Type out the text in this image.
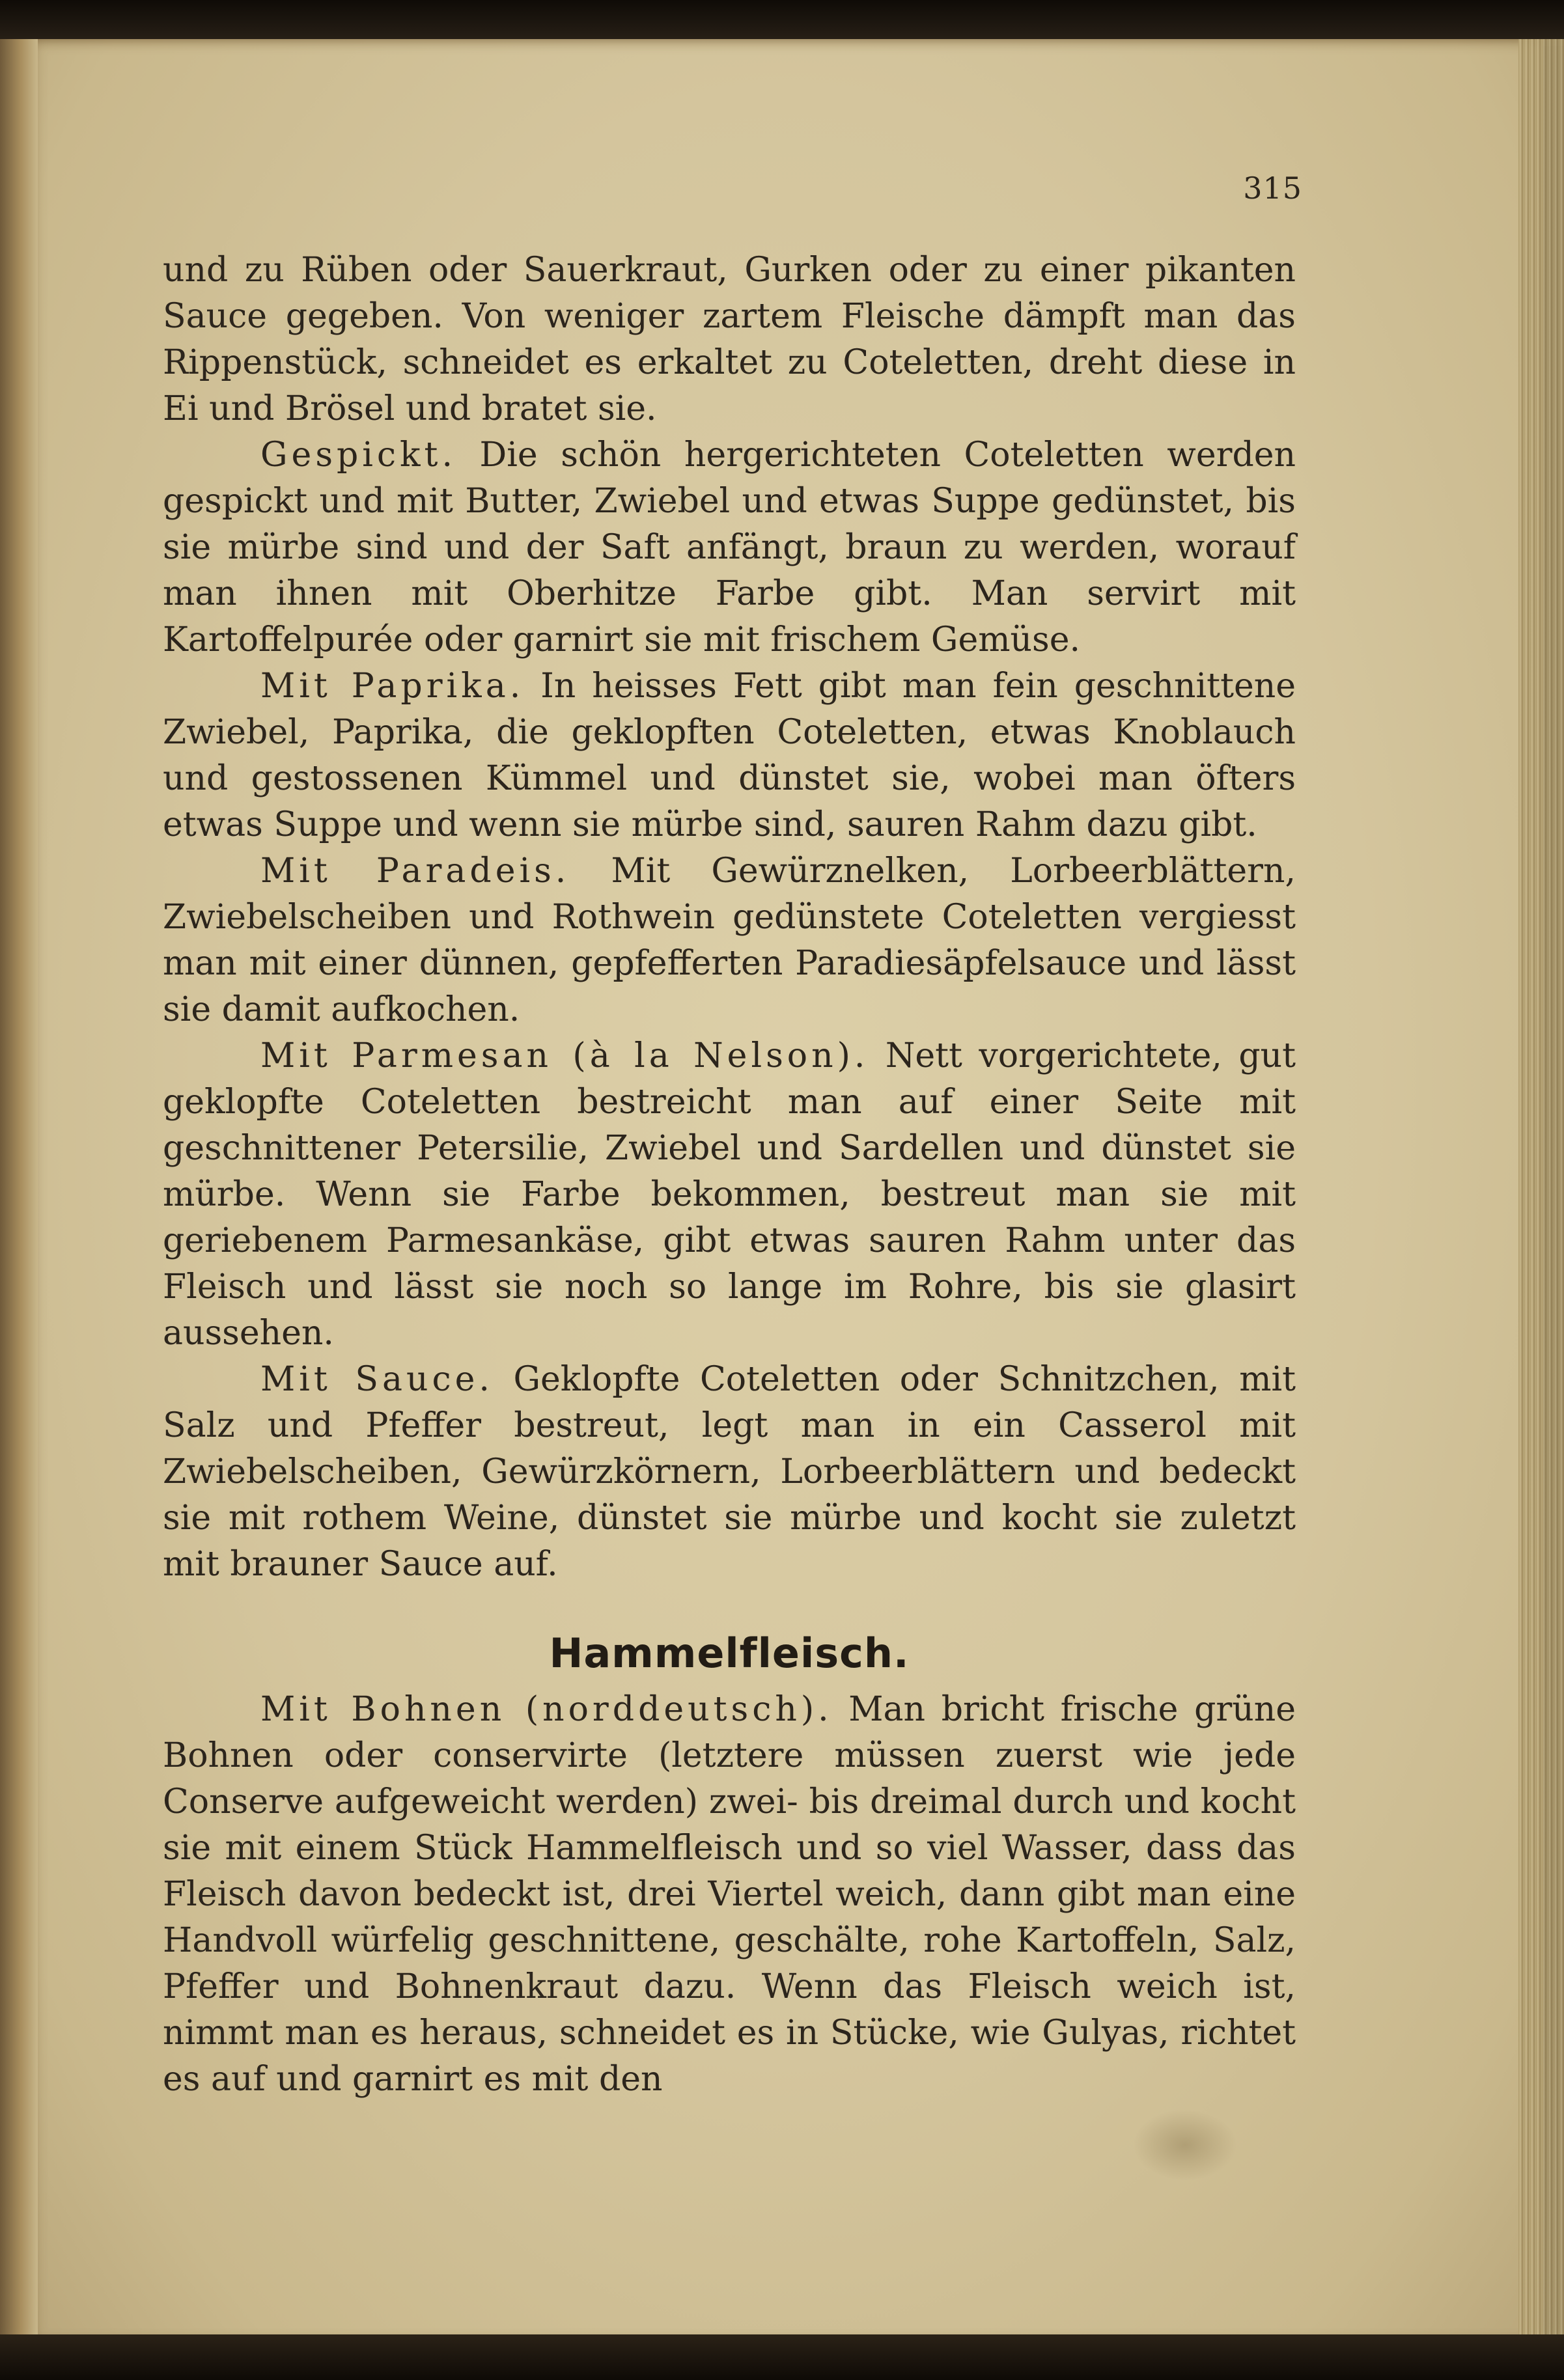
315

und zu Rüben oder Sauerkraut, Gurken oder zu einer pikanten Sauce gegeben. Von weniger zartem Fleische dämpft man das Rippenstück, schneidet es erkaltet zu Coteletten, dreht diese in Ei und Brösel und bratet sie.

Gespickt. Die schön hergerichteten Coteletten werden gespickt und mit Butter, Zwiebel und etwas Suppe gedünstet, bis sie mürbe sind und der Saft anfängt, braun zu werden, worauf man ihnen mit Oberhitze Farbe gibt. Man servirt mit Kartoffelpurée oder garnirt sie mit frischem Gemüse.

Mit Paprika. In heisses Fett gibt man fein geschnittene Zwiebel, Paprika, die geklopften Coteletten, etwas Knoblauch und gestossenen Kümmel und dünstet sie, wobei man öfters etwas Suppe und wenn sie mürbe sind, sauren Rahm dazu gibt.

Mit Paradeis. Mit Gewürznelken, Lorbeerblättern, Zwiebelscheiben und Rothwein gedünstete Coteletten vergiesst man mit einer dünnen, gepfefferten Paradiesäpfelsauce und lässt sie damit aufkochen.

Mit Parmesan (à la Nelson). Nett vorgerichtete, gut geklopfte Coteletten bestreicht man auf einer Seite mit geschnittener Petersilie, Zwiebel und Sardellen und dünstet sie mürbe. Wenn sie Farbe bekommen, bestreut man sie mit geriebenem Parmesankäse, gibt etwas sauren Rahm unter das Fleisch und lässt sie noch so lange im Rohre, bis sie glasirt aussehen.

Mit Sauce. Geklopfte Coteletten oder Schnitzchen, mit Salz und Pfeffer bestreut, legt man in ein Casserol mit Zwiebelscheiben, Gewürzkörnern, Lorbeerblättern und bedeckt sie mit rothem Weine, dünstet sie mürbe und kocht sie zuletzt mit brauner Sauce auf.

Hammelfleisch.

Mit Bohnen (norddeutsch). Man bricht frische grüne Bohnen oder conservirte (letztere müssen zuerst wie jede Conserve aufgeweicht werden) zwei- bis dreimal durch und kocht sie mit einem Stück Hammelfleisch und so viel Wasser, dass das Fleisch davon bedeckt ist, drei Viertel weich, dann gibt man eine Handvoll würfelig geschnittene, geschälte, rohe Kartoffeln, Salz, Pfeffer und Bohnenkraut dazu. Wenn das Fleisch weich ist, nimmt man es heraus, schneidet es in Stücke, wie Gulyas, richtet es auf und garnirt es mit den
